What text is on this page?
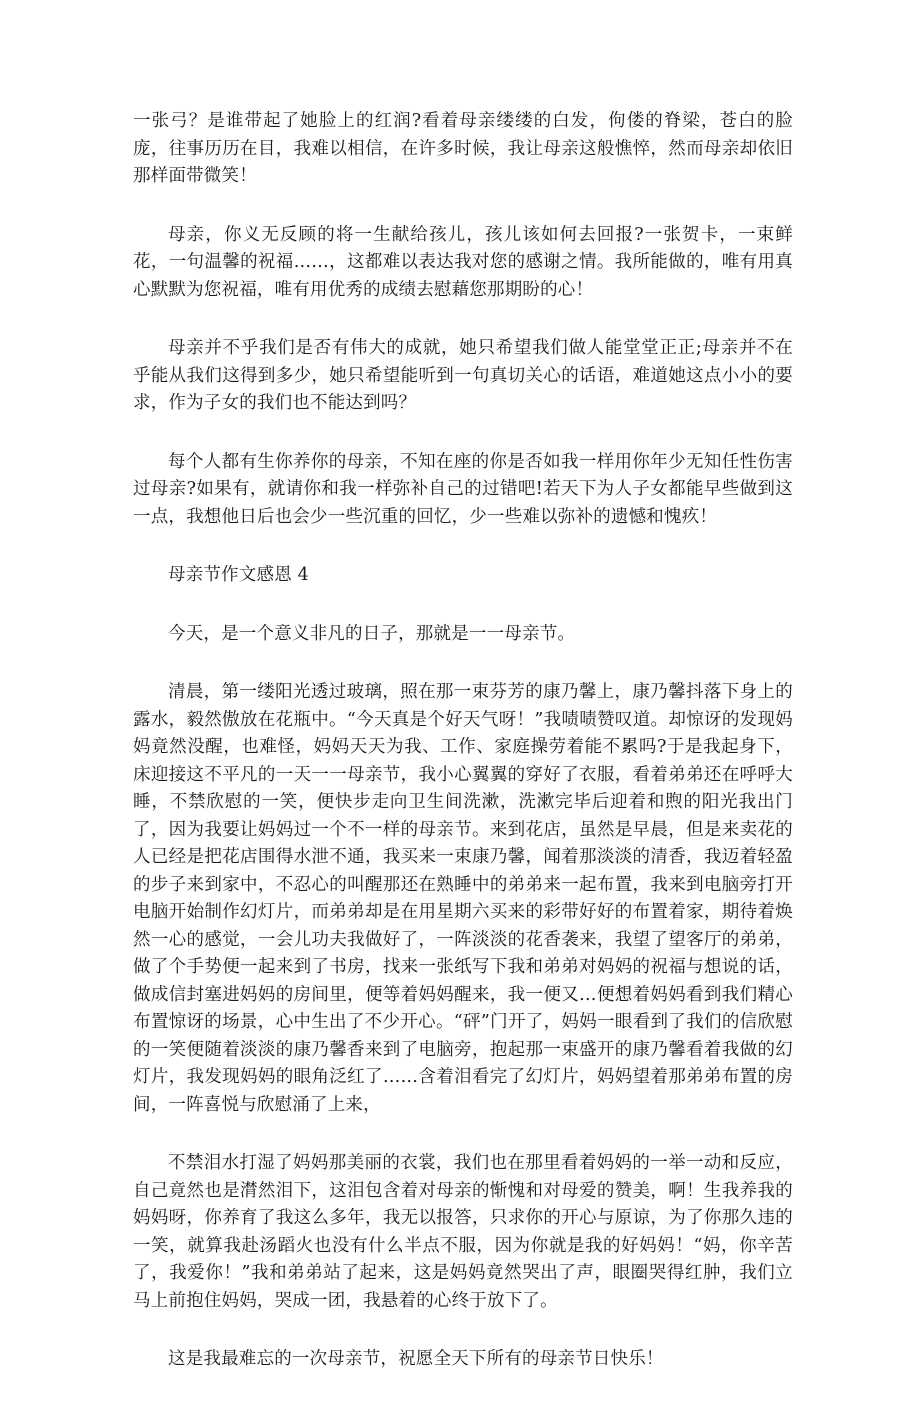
一张弓？是谁带起了她脸上的红润?看着母亲缕缕的白发，佝偻的脊梁，苍白的脸庞，往事历历在目，我难以相信，在许多时候，我让母亲这般憔悴，然而母亲却依旧那样面带微笑！

母亲，你义无反顾的将一生献给孩儿，孩儿该如何去回报?一张贺卡，一束鲜花，一句温馨的祝福……，这都难以表达我对您的感谢之情。我所能做的，唯有用真心默默为您祝福，唯有用优秀的成绩去慰藉您那期盼的心！

母亲并不乎我们是否有伟大的成就，她只希望我们做人能堂堂正正;母亲并不在乎能从我们这得到多少，她只希望能听到一句真切关心的话语，难道她这点小小的要求，作为子女的我们也不能达到吗？

每个人都有生你养你的母亲，不知在座的你是否如我一样用你年少无知任性伤害过母亲?如果有，就请你和我一样弥补自己的过错吧!若天下为人子女都能早些做到这一点，我想他日后也会少一些沉重的回忆，少一些难以弥补的遗憾和愧疚！

母亲节作文感恩 4

今天，是一个意义非凡的日子，那就是一一母亲节。

清晨，第一缕阳光透过玻璃，照在那一束芬芳的康乃馨上，康乃馨抖落下身上的露水，毅然傲放在花瓶中。“今天真是个好天气呀！”我啧啧赞叹道。却惊讶的发现妈妈竟然没醒，也难怪，妈妈天天为我、工作、家庭操劳着能不累吗?于是我起身下，床迎接这不平凡的一天一一母亲节，我小心翼翼的穿好了衣服，看着弟弟还在呼呼大睡，不禁欣慰的一笑，便快步走向卫生间洗漱，洗漱完毕后迎着和煦的阳光我出门了，因为我要让妈妈过一个不一样的母亲节。来到花店，虽然是早晨，但是来卖花的人已经是把花店围得水泄不通，我买来一束康乃馨，闻着那淡淡的清香，我迈着轻盈的步子来到家中，不忍心的叫醒那还在熟睡中的弟弟来一起布置，我来到电脑旁打开电脑开始制作幻灯片，而弟弟却是在用星期六买来的彩带好好的布置着家，期待着焕然一心的感觉，一会儿功夫我做好了，一阵淡淡的花香袭来，我望了望客厅的弟弟，做了个手势便一起来到了书房，找来一张纸写下我和弟弟对妈妈的祝福与想说的话，做成信封塞进妈妈的房间里，便等着妈妈醒来，我一便又…便想着妈妈看到我们精心布置惊讶的场景，心中生出了不少开心。“砰”门开了，妈妈一眼看到了我们的信欣慰的一笑便随着淡淡的康乃馨香来到了电脑旁，抱起那一束盛开的康乃馨看着我做的幻灯片，我发现妈妈的眼角泛红了……含着泪看完了幻灯片，妈妈望着那弟弟布置的房间，一阵喜悦与欣慰涌了上来，

不禁泪水打湿了妈妈那美丽的衣裳，我们也在那里看着妈妈的一举一动和反应，自己竟然也是潸然泪下，这泪包含着对母亲的惭愧和对母爱的赞美，啊！生我养我的妈妈呀，你养育了我这么多年，我无以报答，只求你的开心与原谅，为了你那久违的一笑，就算我赴汤蹈火也没有什么半点不服，因为你就是我的好妈妈！“妈，你辛苦了，我爱你！”我和弟弟站了起来，这是妈妈竟然哭出了声，眼圈哭得红肿，我们立马上前抱住妈妈，哭成一团，我悬着的心终于放下了。

这是我最难忘的一次母亲节，祝愿全天下所有的母亲节日快乐！
